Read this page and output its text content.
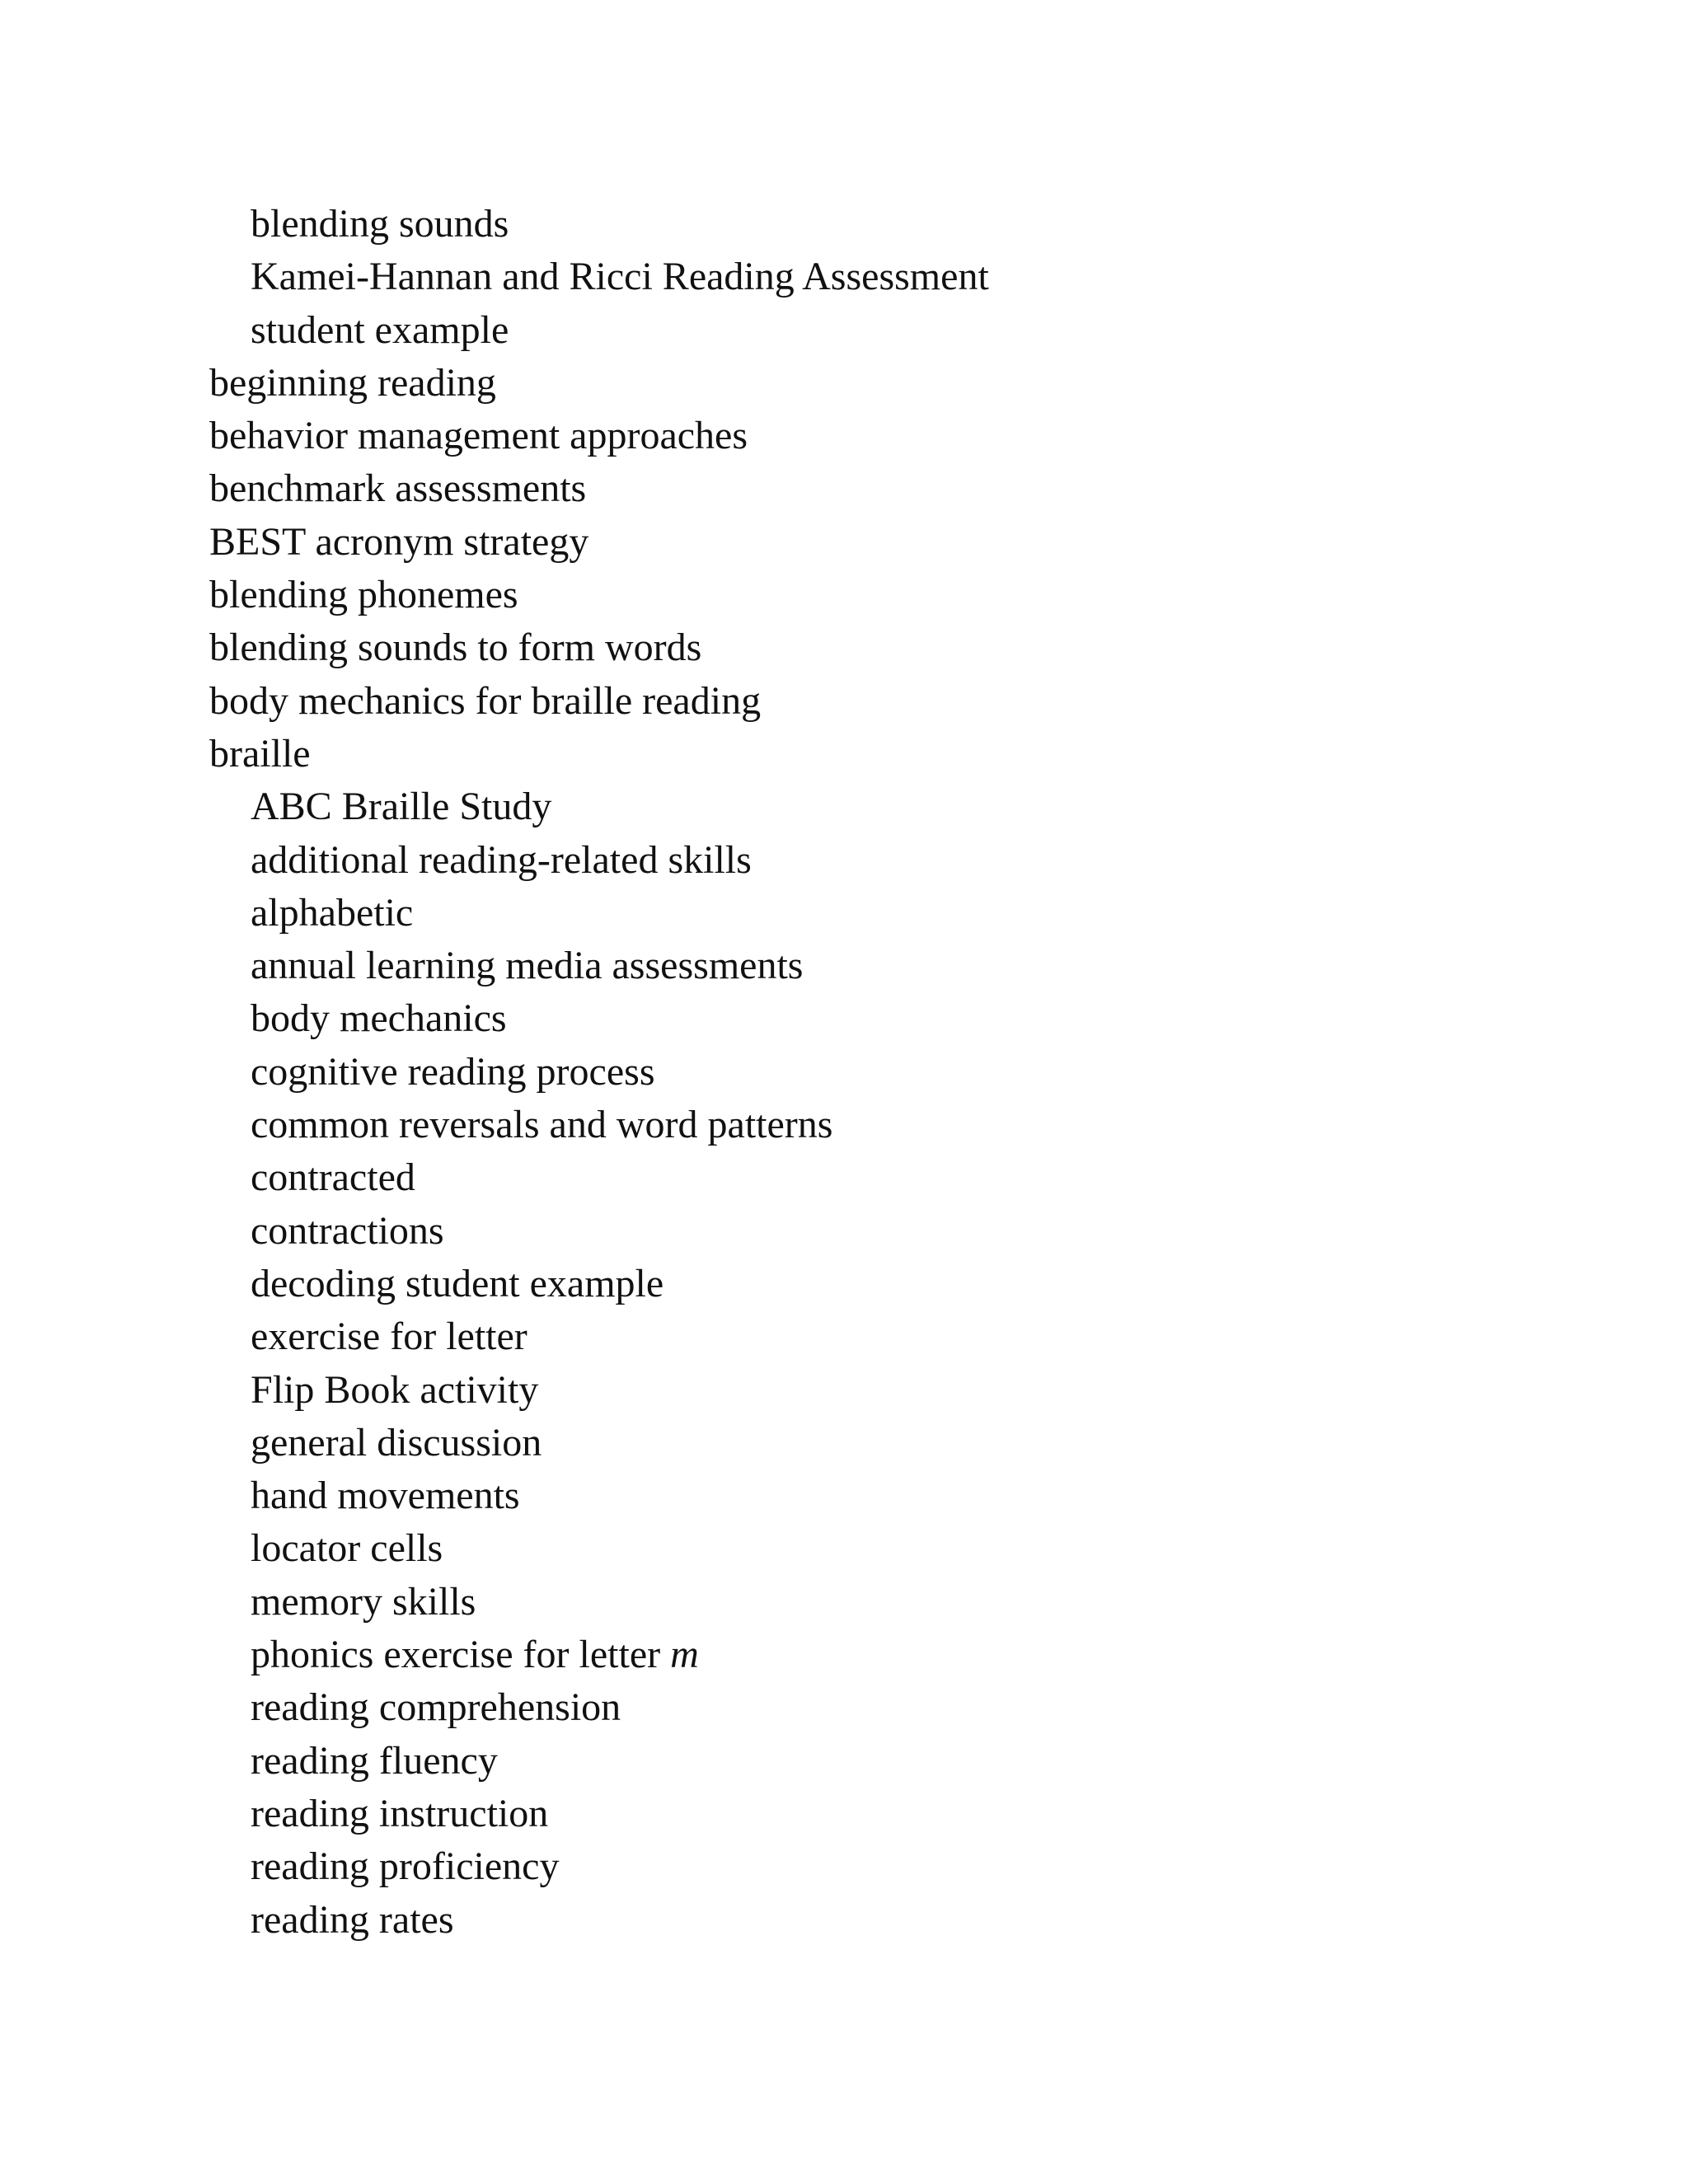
blending sounds
Kamei-Hannan and Ricci Reading Assessment
student example
beginning reading
behavior management approaches
benchmark assessments
BEST acronym strategy
blending phonemes
blending sounds to form words
body mechanics for braille reading
braille
ABC Braille Study
additional reading-related skills
alphabetic
annual learning media assessments
body mechanics
cognitive reading process
common reversals and word patterns
contracted
contractions
decoding student example
exercise for letter
Flip Book activity
general discussion
hand movements
locator cells
memory skills
phonics exercise for letter m
reading comprehension
reading fluency
reading instruction
reading proficiency
reading rates
